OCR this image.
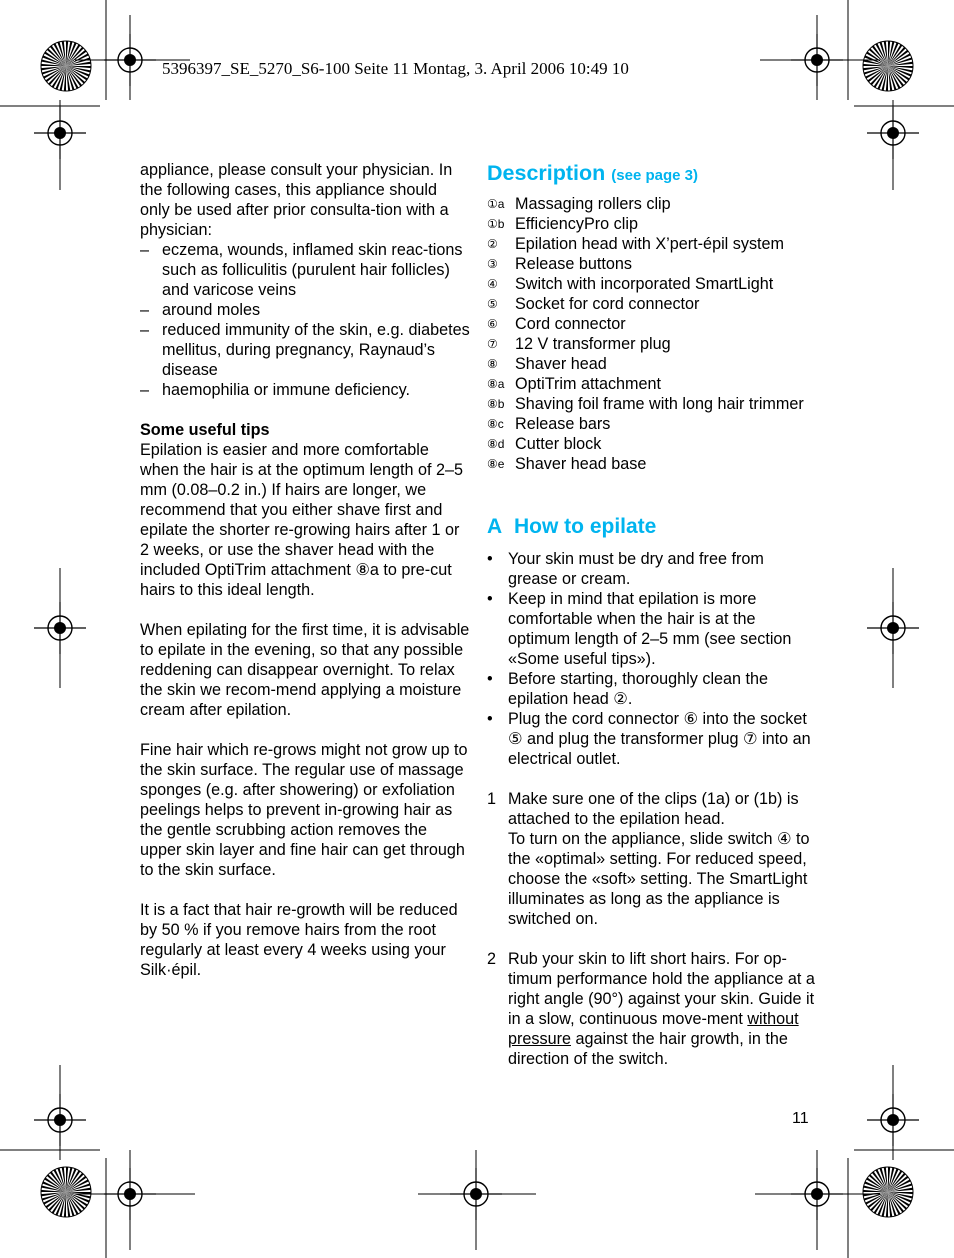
5396397_SE_5270_S6-100 Seite 11 Montag, 3. April 2006 10:49 10

appliance, please consult your physician. In the following cases, this appliance should only be used after prior consulta-tion with a physician:

– eczema, wounds, inflamed skin reac-tions such as folliculitis (purulent hair follicles) and varicose veins
– around moles
– reduced immunity of the skin, e.g. diabetes mellitus, during pregnancy, Raynaud’s disease
– haemophilia or immune deficiency.

Some useful tips

Epilation is easier and more comfortable when the hair is at the optimum length of 2–5 mm (0.08–0.2 in.) If hairs are longer, we recommend that you either shave first and epilate the shorter re-growing hairs after 1 or 2 weeks, or use the shaver head with the included OptiTrim attachment ⑧a to pre-cut hairs to this ideal length.

When epilating for the first time, it is advisable to epilate in the evening, so that any possible reddening can disappear overnight. To relax the skin we recom-mend applying a moisture cream after epilation.

Fine hair which re-grows might not grow up to the skin surface. The regular use of massage sponges (e.g. after showering) or exfoliation peelings helps to prevent in-growing hair as the gentle scrubbing action removes the upper skin layer and fine hair can get through to the skin surface.

It is a fact that hair re-growth will be reduced by 50 % if you remove hairs from the root regularly at least every 4 weeks using your Silk·épil.

Description (see page 3)
①a Massaging rollers clip
①b EfficiencyPro clip
②	Epilation head with X’pert-épil system
③	Release buttons
④	Switch with incorporated SmartLight
⑤	Socket for cord connector
⑥	Cord connector
⑦	12 V transformer plug
⑧	Shaver head
⑧a OptiTrim attachment
⑧b Shaving foil frame with long hair trimmer
⑧c Release bars
⑧d Cutter block
⑧e Shaver head base
A How to epilate
• Your skin must be dry and free from grease or cream.
• Keep in mind that epilation is more comfortable when the hair is at the optimum length of 2–5 mm (see section «Some useful tips»).
• Before starting, thoroughly clean the epilation head ②.
• Plug the cord connector ⑥ into the socket ⑤ and plug the transformer plug ⑦ into an electrical outlet.
1 Make sure one of the clips (1a) or (1b) is attached to the epilation head.
To turn on the appliance, slide switch ④ to the «optimal» setting. For reduced speed, choose the «soft» setting. The SmartLight illuminates as long as the appliance is switched on.
2 Rub your skin to lift short hairs. For op-timum performance hold the appliance at a right angle (90°) against your skin. Guide it in a slow, continuous move-ment without pressure against the hair growth, in the direction of the switch.
11
